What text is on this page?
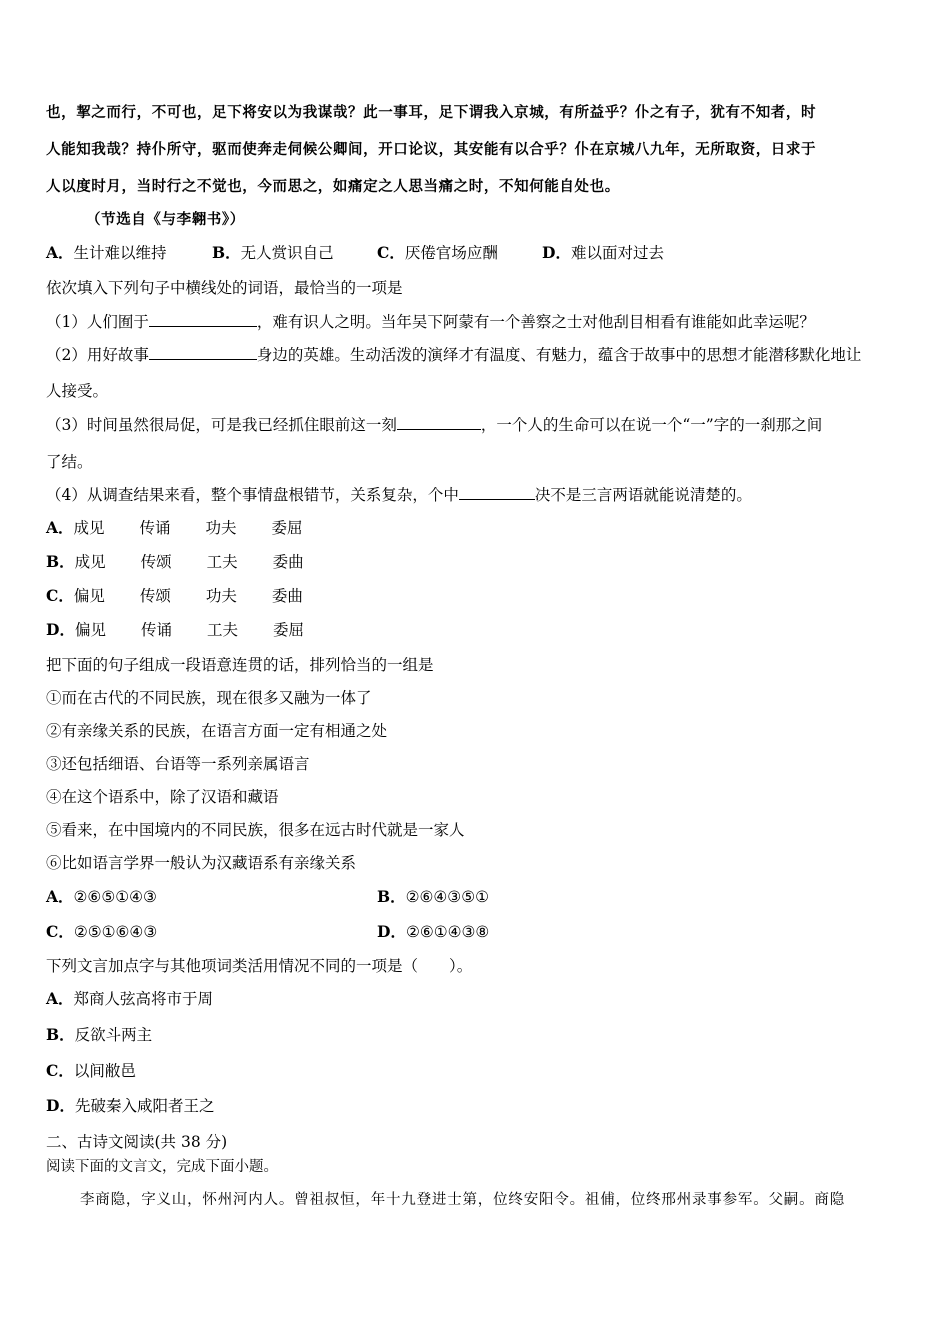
也，挈之而行，不可也，足下将安以为我谋哉？此一事耳，足下谓我入京城，有所益乎？仆之有子，犹有不知者，时
人能知我哉？持仆所守，驱而使奔走伺候公卿间，开口论议，其安能有以合乎？仆在京城八九年，无所取资，日求于
人以度时月，当时行之不觉也，今而思之，如痛定之人思当痛之时，不知何能自处也。
（节选自《与李翱书》）
A．生计难以维持	B．无人赏识自己	C．厌倦官场应酬	D．难以面对过去
依次填入下列句子中横线处的词语，最恰当的一项是
（1）人们囿于	，难有识人之明。当年吴下阿蒙有一个善察之士对他刮目相看有谁能如此幸运呢？
（2）用好故事	身边的英雄。生动活泼的演绎才有温度、有魅力，蕴含于故事中的思想才能潜移默化地让
人接受。
（3）时间虽然很局促，可是我已经抓住眼前这一刻	，一个人的生命可以在说一个“一”字的一刹那之间
了结。
（4）从调查结果来看，整个事情盘根错节，关系复杂，个中	决不是三言两语就能说清楚的。
A．成见 传诵 功夫 委屈
B．成见 传颂 工夫 委曲
C．偏见 传颂 功夫 委曲
D．偏见 传诵 工夫 委屈
把下面的句子组成一段语意连贯的话，排列恰当的一组是
①而在古代的不同民族，现在很多又融为一体了
②有亲缘关系的民族，在语言方面一定有相通之处
③还包括细语、台语等一系列亲属语言
④在这个语系中，除了汉语和藏语
⑤看来，在中国境内的不同民族，很多在远古时代就是一家人
⑥比如语言学界一般认为汉藏语系有亲缘关系
A．②⑥⑤①④③	B．②⑥④③⑤①
C．②⑤①⑥④③	D．②⑥①④③⑧
下列文言加点字与其他项词类活用情况不同的一项是（　　）。
A．郑商人弦高将市于周
B．反欲斗两主
C．以间敝邑
D．先破秦入咸阳者王之
二、古诗文阅读(共 38 分)
阅读下面的文言文，完成下面小题。
李商隐，字义山，怀州河内人。曾祖叔恒，年十九登进士第，位终安阳令。祖俌，位终邢州录事参军。父嗣。商隐
